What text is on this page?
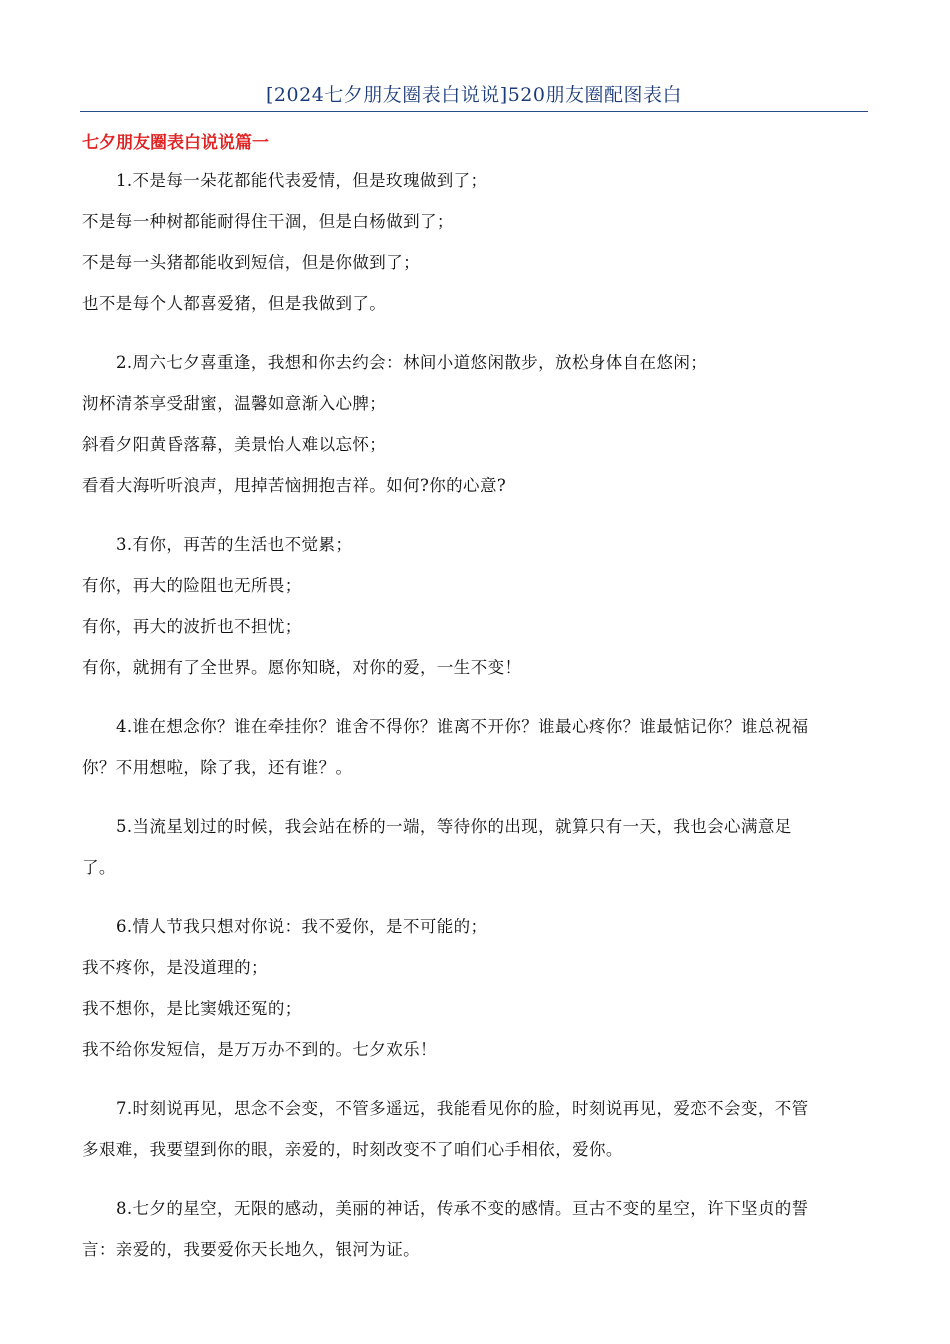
[2024七夕朋友圈表白说说]520朋友圈配图表白
七夕朋友圈表白说说篇一
1.不是每一朵花都能代表爱情，但是玫瑰做到了；
不是每一种树都能耐得住干涸，但是白杨做到了；
不是每一头猪都能收到短信，但是你做到了；
也不是每个人都喜爱猪，但是我做到了。
2.周六七夕喜重逢，我想和你去约会：林间小道悠闲散步，放松身体自在悠闲；
沏杯清茶享受甜蜜，温馨如意渐入心脾；
斜看夕阳黄昏落幕，美景怡人难以忘怀；
看看大海听听浪声，甩掉苦恼拥抱吉祥。如何?你的心意?
3.有你，再苦的生活也不觉累；
有你，再大的险阻也无所畏；
有你，再大的波折也不担忧；
有你，就拥有了全世界。愿你知晓，对你的爱，一生不变！
4.谁在想念你？谁在牵挂你？谁舍不得你？谁离不开你？谁最心疼你？谁最惦记你？谁总祝福
你？不用想啦，除了我，还有谁？。
5.当流星划过的时候，我会站在桥的一端，等待你的出现，就算只有一天，我也会心满意足
了。
6.情人节我只想对你说：我不爱你，是不可能的；
我不疼你，是没道理的；
我不想你，是比窦娥还冤的；
我不给你发短信，是万万办不到的。七夕欢乐！
7.时刻说再见，思念不会变，不管多遥远，我能看见你的脸，时刻说再见，爱恋不会变，不管
多艰难，我要望到你的眼，亲爱的，时刻改变不了咱们心手相依，爱你。
8.七夕的星空，无限的感动，美丽的神话，传承不变的感情。亘古不变的星空，许下坚贞的誓
言：亲爱的，我要爱你天长地久，银河为证。
